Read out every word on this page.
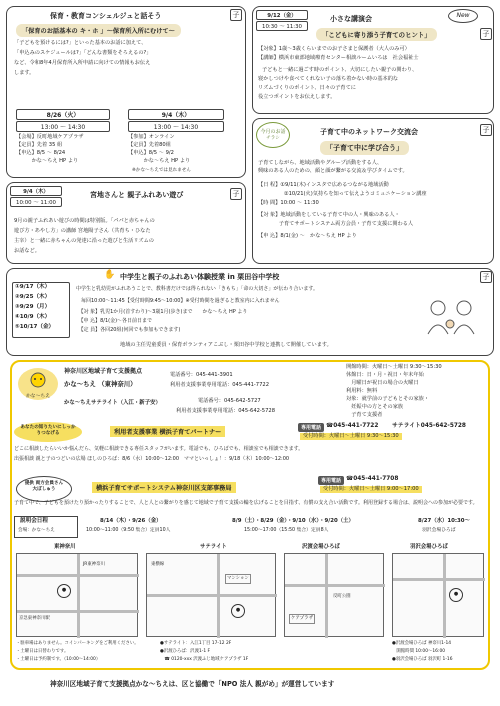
保育・教育コンシェルジュと話そう	子
「保育のお話基本の キ・ホ 」～保育所入所にむけて～
「子どもを預けるには?」といった基本のお話に加えて、
「申込みのスケジュールは?」「どんな書類をそろえるの?」
など、令和8年4月保育所入所申請に向けての情報もお伝え
します。
8/26（火）
13:00 ～ 14:30
【会場】反町地域ケアプラザ
【定員】先着 35 組
【申込】8/5 ～ 8/24
　　　かな～ちえ HP より
9/4（木）
13:00 ～ 14:30
【参加】オンライン
【定員】先着80組
【申込】8/5 ～ 9/2
　　　かな～ちえ HP より
※かな～ちえでは見れません
9/12（金）
10:30 ～ 11:30
小さな講演会	New
「こどもに寄り添う子育てのヒント」	子
【対象】1歳～3歳くらいまでのお子さまと保護者（大人のみ可）
【講師】横浜市東部地域療育センター相談ルームいろは　社会福祉士
子どもと一緒に過ごす時のポイント、大切にしたい親子の関わり、
寝かしつけや食べてくれない子の落ち着かない時の基本的な
リズムづくりのポイント、日々の子育てに
役立つポイントをお伝えします。
今月のお話
チラシ
子育て中のネットワーク交流会
「子育て中に学び合う」
子
子育てしながら、地域活動やグループ活動をする人、
興味のある人のための、顔と顔が繋がる交流＆学びタイムです。
【日 程】①9/11(木)インスタで広めるつながる地域活動
　　　　　②10/21(火)気持ちを知って伝えようコミュニケーション講座
【時 間】10:00 ～ 11:30
【対 象】地域活動をしている子育て中の人・興味のある人・
　　　　子育てサポートシステム両方会員・子育て支援に関わる人
【申 込】8/1(金) ～　かな～ちえ HP より
9/4（木）
10:00 ～ 11:00
宮地さんと 親子ふれあい遊び	子
9月の親子ふれあい遊びの時間は特別版。「パパと赤ちゃんの
遊び方・あやし方」の講師 宮地陽子さん（共育ち・ひなた
主宰）と一緒に赤ちゃんの発達に沿った遊びと生活リズムの
お話など。
✋ 中学生と親子のふれあい体験授業 in 栗田谷中学校	子
①9/17（木）
②9/25（木）
③9/29（月）
④10/9（木）
⑤10/17（金）
中学生と乳幼児がふれあうことで、教科書だけでは得られない「きもち」「命の大切さ」が伝わり合います。
　毎回10:00～11:45【受付時間9:45～10:00】※受付時間を過ぎると教室内に入れません
　【対 象】乳児1か月(首すわり)～3歳1月(歩き)まで　　かな～ちえ HP より
　【申 込】8/1(金)～各日前日まで
　【定 員】各回20組(何回でも参加もできます)
地域の主任児童委員・保育ボランティアこぶし・栗田谷中学校と連携して開催しています。
かな～ちえ
神奈川区地域子育て支援拠点
かな～ちえ （東神奈川）
電話番号：045-441-3901
利用者支援事業専用電話：045-441-7722
かな～ちえサテライト（入江・新子安）	電話番号：045-642-5727
利用者支援事業専用電話：045-642-5728
開館時間：火曜日～土曜日 9:30～15:30
休館日：日・月・祝日・年末年始
　月曜日が祝日の場合の火曜日
利用料：無料
対象：就学前の子どもとその家族・
　妊娠中の方とその家族
　子育て支援者
あなたの知りたいにしっかりつなげる	利用者支援事業 横浜子育てパートナー
専用電話 ☎045-441-7722 サテライト045-642-5728
受付時間：火曜日～土曜日 9:30～15:30
どこに相談したらいいか悩んだら、気軽に相談できる専任スタッフがいます。電話でも、ひろばでも、相談室でも相談できます。
出張相談 親と子のつどいの広場 ほしのひろば：8/6（水）10:00～12:00　ママといっしょ！：9/18（木）10:00～12:00
提供 両方会員さん大ぼしゅう	横浜子育てサポートシステム神奈川区支部事務局
専用電話 ☎045-441-7708
受付時間：火曜日～土曜日 9:00～17:00
子育て中で、子どもを預けたり預かったりすることで、人と人との繋がりを感じて地域で子育て支援の輪を広げることを目指す、有償の支え合い活動です。利用登録する場合は、説明会への参加が必要です。
説明会日程
会場：かな～ちえ
8/14（木）・9/26（金）
10:00～11:00（9:50 集合）定員10人
8/9（土）・8/29（金）・9/10（水）・9/20（土）
15:00～17:00（15:50 集合）定員8人
8/27（水）10:30～
羽沢会場ひろば
東神奈川
京急東神奈川駅
JR東神奈川
●
サテライト
東横線
マンション
●
沢渡会場ひろば
反町公園
ケアプラザ
羽沢会場ひろば
●
・駐車場はありません。コインパーキングをご利用ください。
・土曜日は日替わりです。
・土曜日は予約制です。（10:00～14:00）
●サテライト：入江1丁目 17-12 2F
●沢渡ひろば：沢渡1-1 F
　☎ 0120-xxx 沢渡ふじ地域ケアプラザ 1F
●沢渡会場ひろば 神奈川1-14
　開館時間 10:00～16:00
●羽沢会場ひろば 羽沢町 1-16
神奈川区地域子育て支援拠点かな～ちえは、区と協働で「NPO 法人 親がめ」が運営しています
